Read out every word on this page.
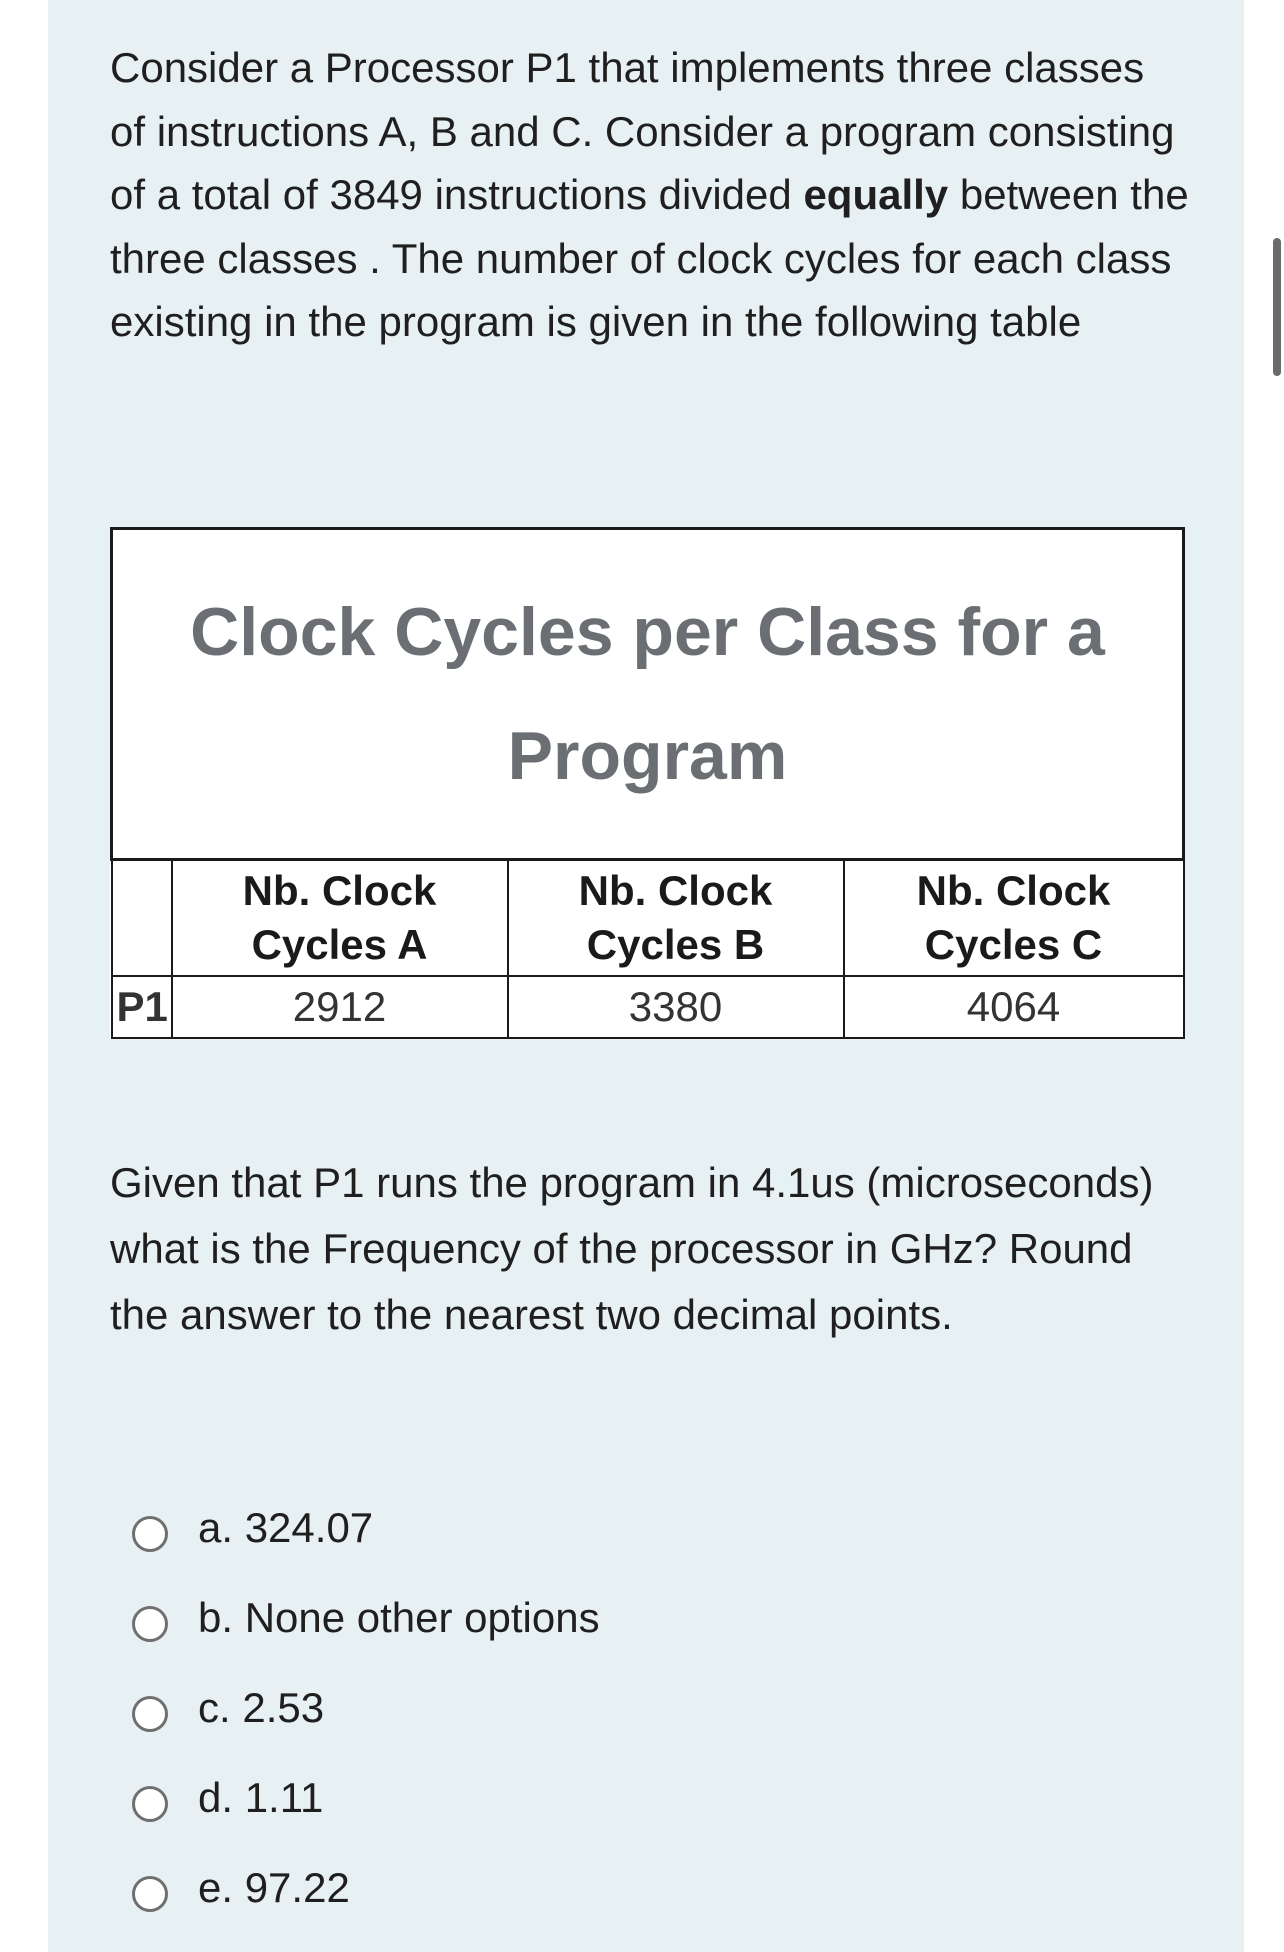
Consider a Processor P1 that implements three classes of instructions A, B and C. Consider a program consisting of a total of 3849 instructions divided equally between the three classes . The number of clock cycles for each class existing in the program is given in the following table
Clock Cycles per Class for a Program			

	Nb. Clock Cycles A	Nb. Clock Cycles B	Nb. Clock Cycles C
P1	2912	3380	4064
Given that P1 runs the program in 4.1us (microseconds) what is the Frequency of the processor in GHz? Round the answer to the nearest two decimal points.
a. 324.07
b. None other options
c. 2.53
d. 1.11
e. 97.22
